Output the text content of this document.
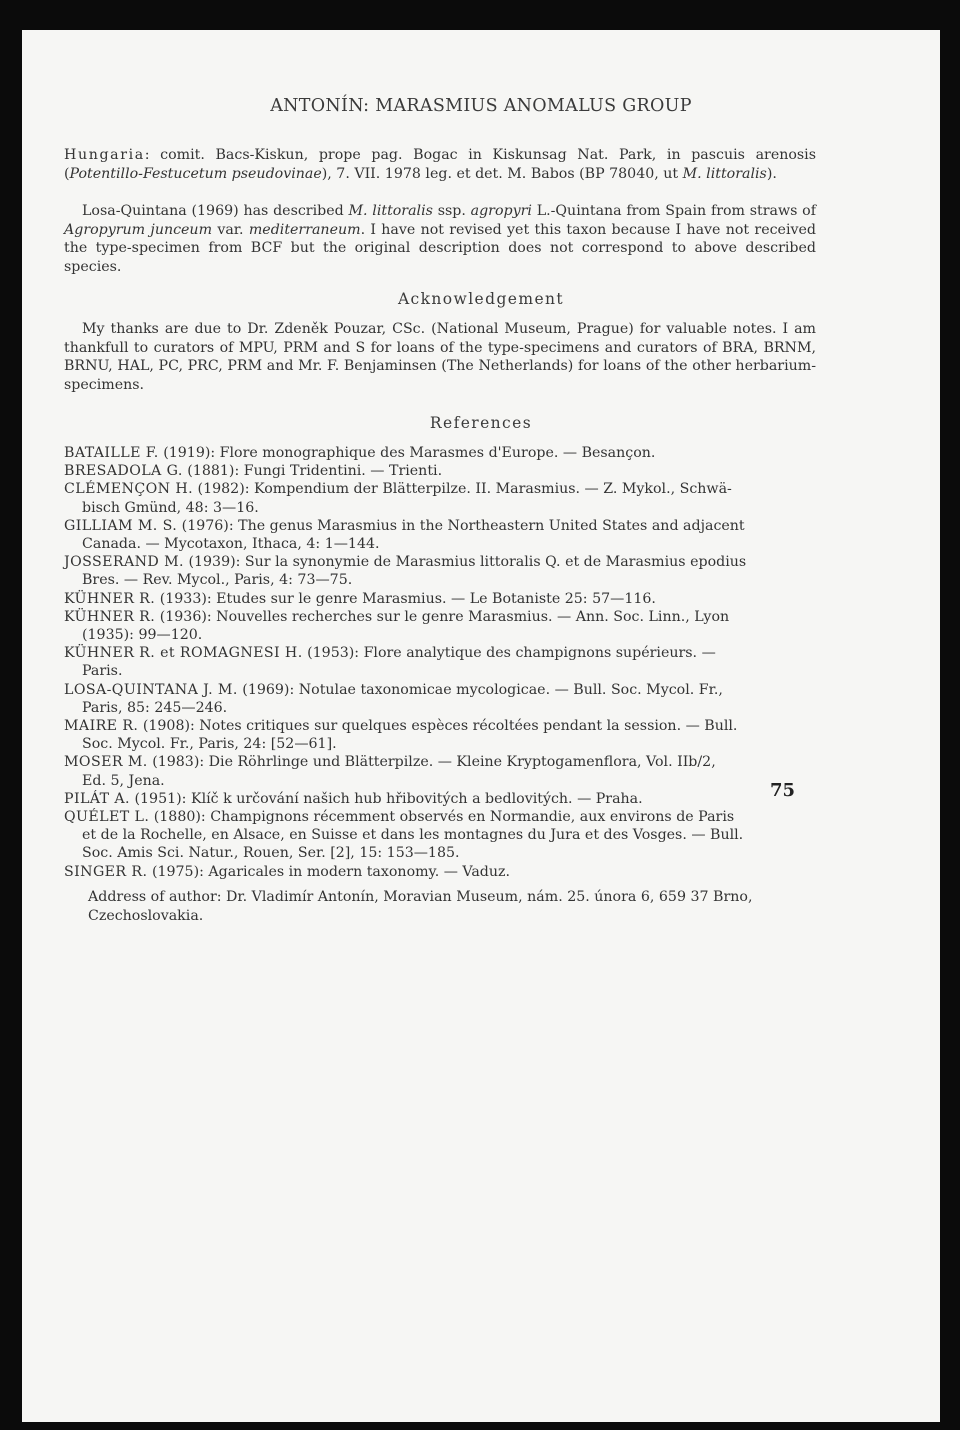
ANTONÍN: MARASMIUS ANOMALUS GROUP
Hungaria: comit. Bacs-Kiskun, prope pag. Bogac in Kiskunsag Nat. Park, in pascuis arenosis (Potentillo-Festucetum pseudovinae), 7. VII. 1978 leg. et det. M. Babos (BP 78040, ut M. littoralis).
Losa-Quintana (1969) has described M. littoralis ssp. agropyri L.-Quintana from Spain from straws of Agropyrum junceum var. mediterraneum. I have not revised yet this taxon because I have not received the type-specimen from BCF but the original description does not correspond to above described species.
Acknowledgement
My thanks are due to Dr. Zdeněk Pouzar, CSc. (National Museum, Prague) for valuable notes. I am thankfull to curators of MPU, PRM and S for loans of the type-specimens and curators of BRA, BRNM, BRNU, HAL, PC, PRC, PRM and Mr. F. Benjaminsen (The Netherlands) for loans of the other herbarium-specimens.
References
BATAILLE F. (1919): Flore monographique des Marasmes d'Europe. — Besançon.
BRESADOLA G. (1881): Fungi Tridentini. — Trienti.
CLÉMENÇON H. (1982): Kompendium der Blätterpilze. II. Marasmius. — Z. Mykol., Schwä-
bisch Gmünd, 48: 3—16.
GILLIAM M. S. (1976): The genus Marasmius in the Northeastern United States and adjacent
Canada. — Mycotaxon, Ithaca, 4: 1—144.
JOSSERAND M. (1939): Sur la synonymie de Marasmius littoralis Q. et de Marasmius epodius
Bres. — Rev. Mycol., Paris, 4: 73—75.
KÜHNER R. (1933): Etudes sur le genre Marasmius. — Le Botaniste 25: 57—116.
KÜHNER R. (1936): Nouvelles recherches sur le genre Marasmius. — Ann. Soc. Linn., Lyon
(1935): 99—120.
KÜHNER R. et ROMAGNESI H. (1953): Flore analytique des champignons supérieurs. —
Paris.
LOSA-QUINTANA J. M. (1969): Notulae taxonomicae mycologicae. — Bull. Soc. Mycol. Fr.,
Paris, 85: 245—246.
MAIRE R. (1908): Notes critiques sur quelques espèces récoltées pendant la session. — Bull.
Soc. Mycol. Fr., Paris, 24: [52—61].
MOSER M. (1983): Die Röhrlinge und Blätterpilze. — Kleine Kryptogamenflora, Vol. IIb/2,
Ed. 5, Jena.
PILÁT A. (1951): Klíč k určování našich hub hřibovitých a bedlovitých. — Praha.
QUÉLET L. (1880): Champignons récemment observés en Normandie, aux environs de Paris
et de la Rochelle, en Alsace, en Suisse et dans les montagnes du Jura et des Vosges. — Bull.
Soc. Amis Sci. Natur., Rouen, Ser. [2], 15: 153—185.
SINGER R. (1975): Agaricales in modern taxonomy. — Vaduz.
Address of author: Dr. Vladimír Antonín, Moravian Museum, nám. 25. února 6, 659 37 Brno,
Czechoslovakia.
75
